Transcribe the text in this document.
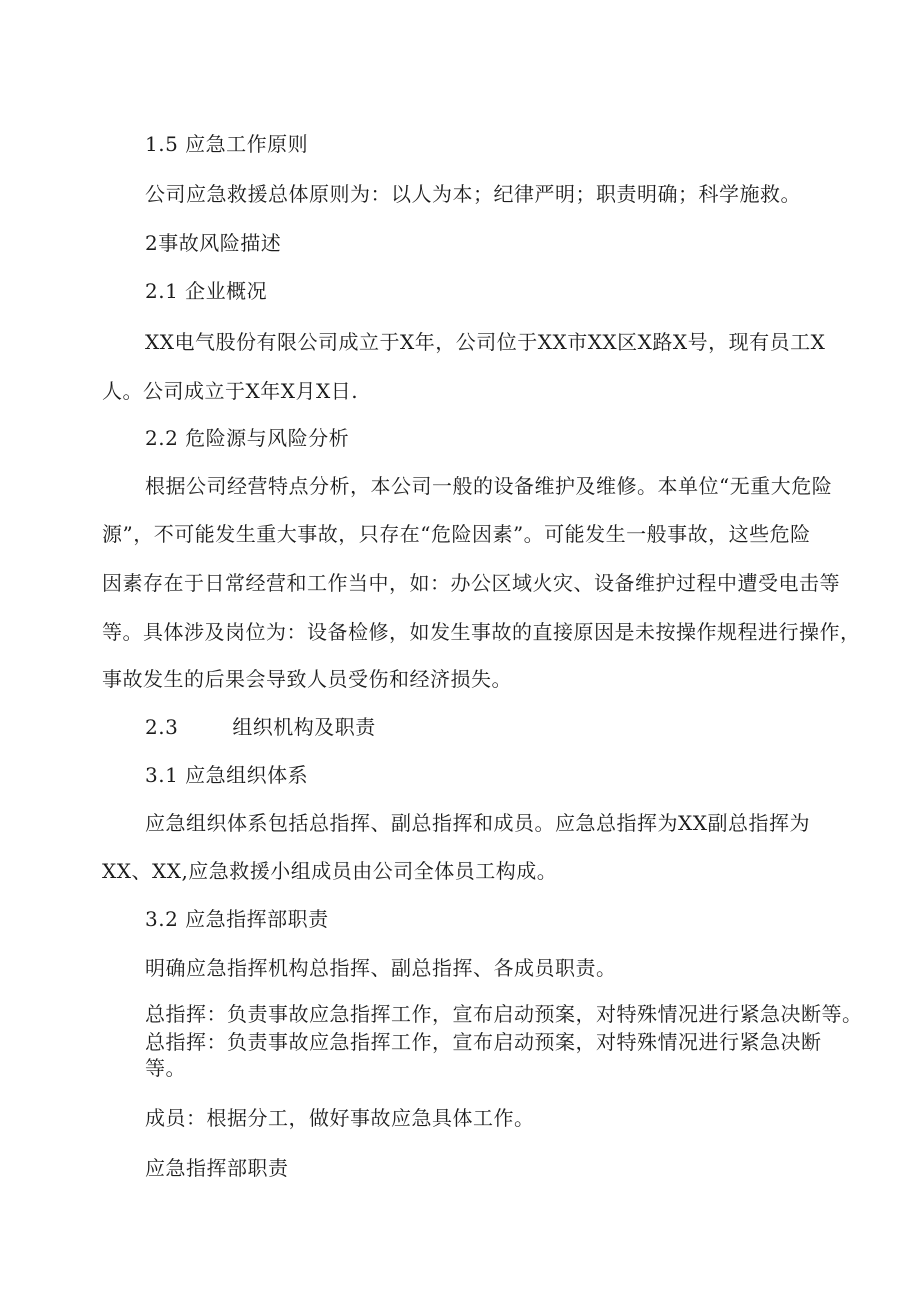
1.5 应急工作原则

公司应急救援总体原则为：以人为本；纪律严明；职责明确；科学施救。

2事故风险描述

2.1 企业概况

XX电气股份有限公司成立于X年，公司位于XX市XX区X路X号，现有员工X

人。公司成立于X年X月X日.

2.2 危险源与风险分析

根据公司经营特点分析，本公司一般的设备维护及维修。本单位“无重大危险

源”，不可能发生重大事故，只存在“危险因素”。可能发生一般事故，这些危险

因素存在于日常经营和工作当中，如：办公区域火灾、设备维护过程中遭受电击等

等。具体涉及岗位为：设备检修，如发生事故的直接原因是未按操作规程进行操作，

事故发生的后果会导致人员受伤和经济损失。

2.3	组织机构及职责

3.1 应急组织体系

应急组织体系包括总指挥、副总指挥和成员。应急总指挥为XX副总指挥为

XX、XX,应急救援小组成员由公司全体员工构成。

3.2 应急指挥部职责

明确应急指挥机构总指挥、副总指挥、各成员职责。

总指挥：负责事故应急指挥工作，宣布启动预案，对特殊情况进行紧急决断等。

总指挥：负责事故应急指挥工作，宣布启动预案，对特殊情况进行紧急决断

等。

成员：根据分工，做好事故应急具体工作。

应急指挥部职责
